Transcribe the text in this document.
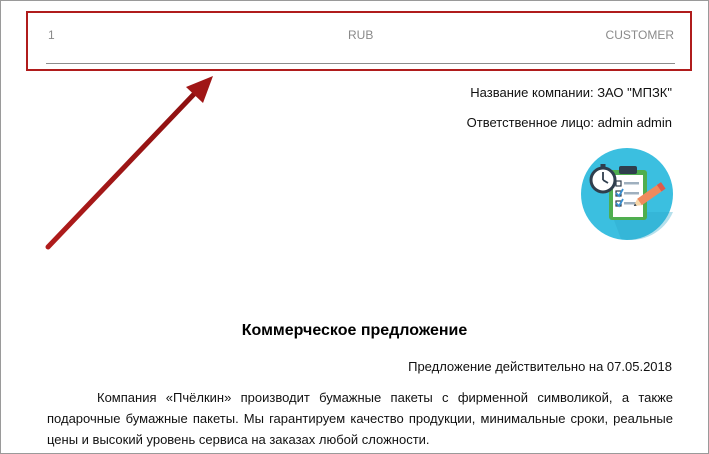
1	RUB	CUSTOMER
Название компании: ЗАО "МПЗК"
Ответственное лицо: admin admin
Коммерческое предложение
Предложение действительно на 07.05.2018
Компания «Пчёлкин» производит бумажные пакеты с фирменной символикой, а также подарочные бумажные пакеты. Мы гарантируем качество продукции, минимальные сроки, реальные цены и высокий уровень сервиса на заказах любой сложности.
